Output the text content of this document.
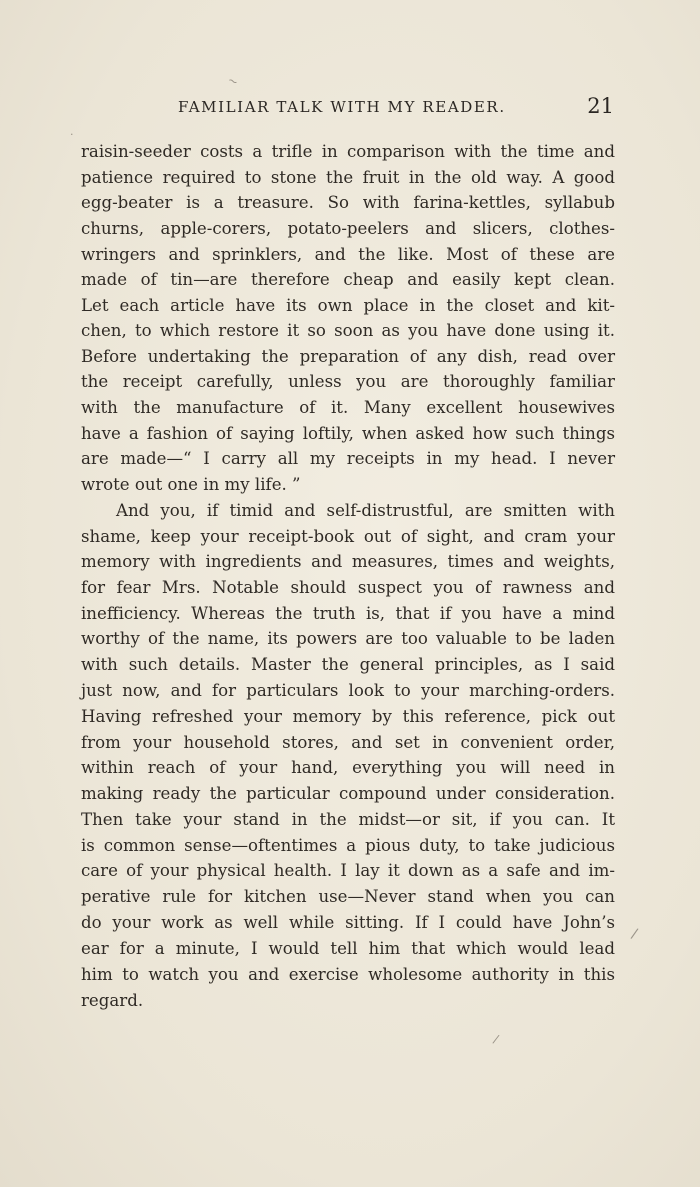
FAMILIAR TALK WITH MY READER.	21
~
·
/
/
raisin-seeder costs a trifle in comparison with the time and
patience required to stone the fruit in the old way. A good
egg-beater is a treasure. So with farina-kettles, syllabub
churns, apple-corers, potato-peelers and slicers, clothes-
wringers and sprinklers, and the like. Most of these are
made of tin—are therefore cheap and easily kept clean.
Let each article have its own place in the closet and kit-
chen, to which restore it so soon as you have done using it.
Before undertaking the preparation of any dish, read over
the receipt carefully, unless you are thoroughly familiar
with the manufacture of it. Many excellent housewives
have a fashion of saying loftily, when asked how such things
are made—“ I carry all my receipts in my head. I never
wrote out one in my life. ”
And you, if timid and self-distrustful, are smitten with
shame, keep your receipt-book out of sight, and cram your
memory with ingredients and measures, times and weights,
for fear Mrs. Notable should suspect you of rawness and
inefficiency. Whereas the truth is, that if you have a mind
worthy of the name, its powers are too valuable to be laden
with such details. Master the general principles, as I said
just now, and for particulars look to your marching-orders.
Having refreshed your memory by this reference, pick out
from your household stores, and set in convenient order,
within reach of your hand, everything you will need in
making ready the particular compound under consideration.
Then take your stand in the midst—or sit, if you can. It
is common sense—oftentimes a pious duty, to take judicious
care of your physical health. I lay it down as a safe and im-
perative rule for kitchen use—Never stand when you can
do your work as well while sitting. If I could have John’s
ear for a minute, I would tell him that which would lead
him to watch you and exercise wholesome authority in this
regard.
